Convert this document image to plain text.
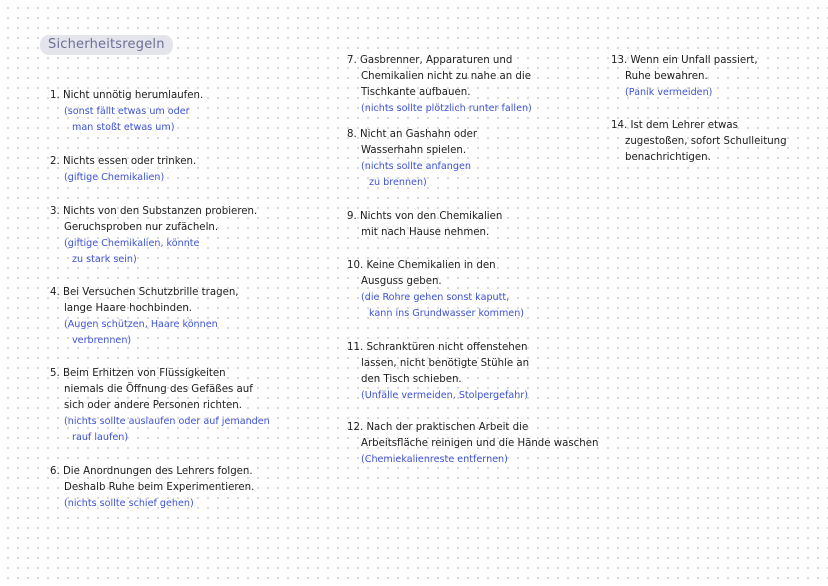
Sicherheitsregeln
1. Nicht unnötig herumlaufen.
(sonst fällt etwas um oder
man stoßt etwas um)
2. Nichts essen oder trinken.
(giftige Chemikalien)
3. Nichts von den Substanzen probieren.
Geruchsproben nur zufächeln.
(giftige Chemikalien, könnte
zu stark sein)
4. Bei Versuchen Schutzbrille tragen,
lange Haare hochbinden.
(Augen schützen, Haare können
verbrennen)
5. Beim Erhitzen von Flüssigkeiten
niemals die Öffnung des Gefäßes auf
sich oder andere Personen richten.
(nichts sollte auslaufen oder auf jemanden
rauf laufen)
6. Die Anordnungen des Lehrers folgen.
Deshalb Ruhe beim Experimentieren.
(nichts sollte schief gehen)
7. Gasbrenner, Apparaturen und
Chemikalien nicht zu nahe an die
Tischkante aufbauen.
(nichts sollte plötzlich runter fallen)
8. Nicht an Gashahn oder
Wasserhahn spielen.
(nichts sollte anfangen
zu brennen)
9. Nichts von den Chemikalien
mit nach Hause nehmen.
10. Keine Chemikalien in den
Ausguss geben.
(die Rohre gehen sonst kaputt,
kann ins Grundwasser kommen)
11. Schranktüren nicht offenstehen
lassen, nicht benötigte Stühle an
den Tisch schieben.
(Unfälle vermeiden, Stolpergefahr)
12. Nach der praktischen Arbeit die
Arbeitsfläche reinigen und die Hände waschen
(Chemiekalienreste entfernen)
13. Wenn ein Unfall passiert,
Ruhe bewahren.
(Panik vermeiden)
14. Ist dem Lehrer etwas
zugestoßen, sofort Schulleitung
benachrichtigen.
